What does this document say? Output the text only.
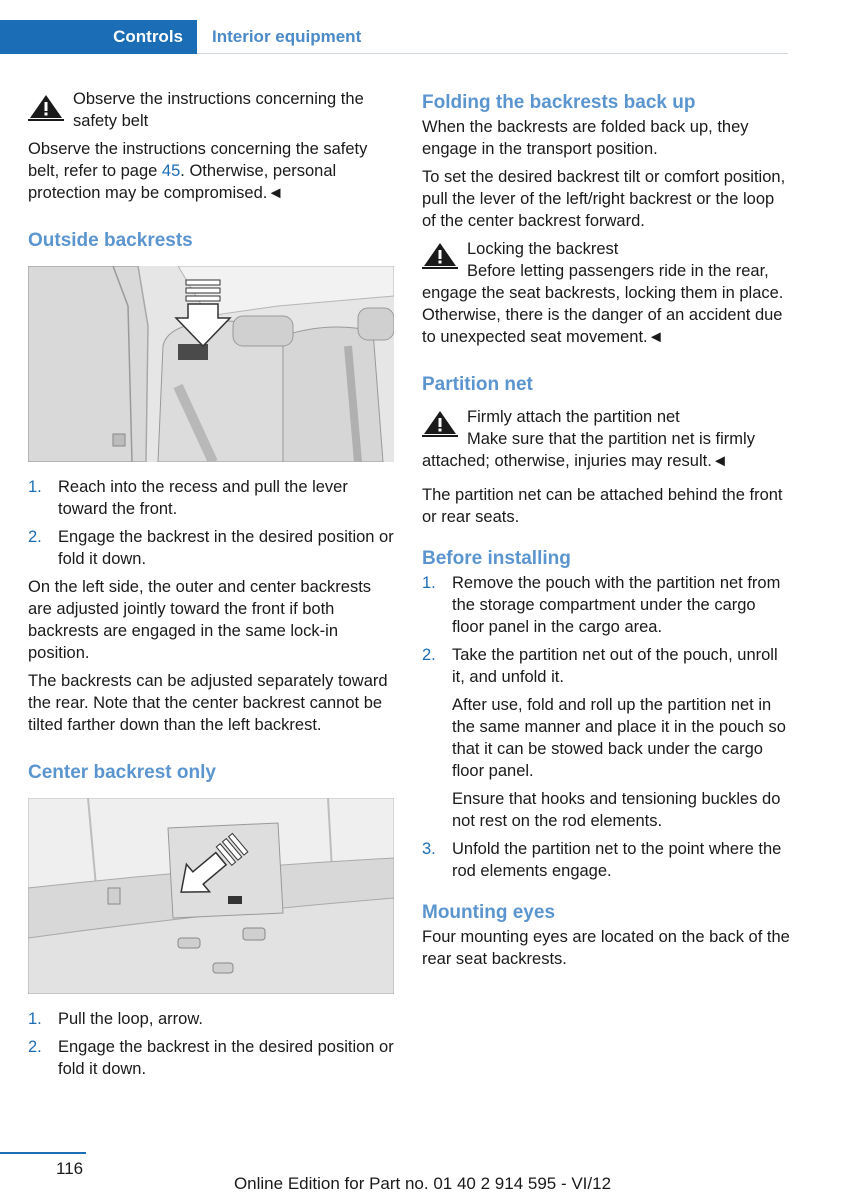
Controls	Interior equipment
Observe the instructions concerning the safety belt

Observe the instructions concerning the safety belt, refer to page 45. Otherwise, personal protection may be compromised.◄

Outside backrests
1. Reach into the recess and pull the lever toward the front.
2. Engage the backrest in the desired position or fold it down.

On the left side, the outer and center backrests are adjusted jointly toward the front if both backrests are engaged in the same lock-in position.

The backrests can be adjusted separately toward the rear. Note that the center backrest cannot be tilted farther down than the left backrest.

Center backrest only
1. Pull the loop, arrow.
2. Engage the backrest in the desired position or fold it down.
Folding the backrests back up

When the backrests are folded back up, they engage in the transport position.

To set the desired backrest tilt or comfort position, pull the lever of the left/right backrest or the loop of the center backrest forward.

Locking the backrest
Before letting passengers ride in the rear, engage the seat backrests, locking them in place. Otherwise, there is the danger of an accident due to unexpected seat movement.◄
Partition net
Firmly attach the partition net
Make sure that the partition net is firmly attached; otherwise, injuries may result.◄

The partition net can be attached behind the front or rear seats.

Before installing
1. Remove the pouch with the partition net from the storage compartment under the cargo floor panel in the cargo area.
2. Take the partition net out of the pouch, unroll it, and unfold it.
After use, fold and roll up the partition net in the same manner and place it in the pouch so that it can be stowed back under the cargo floor panel.
Ensure that hooks and tensioning buckles do not rest on the rod elements.
3. Unfold the partition net to the point where the rod elements engage.
Mounting eyes

Four mounting eyes are located on the back of the rear seat backrests.

116
Online Edition for Part no. 01 40 2 914 595 - VI/12
